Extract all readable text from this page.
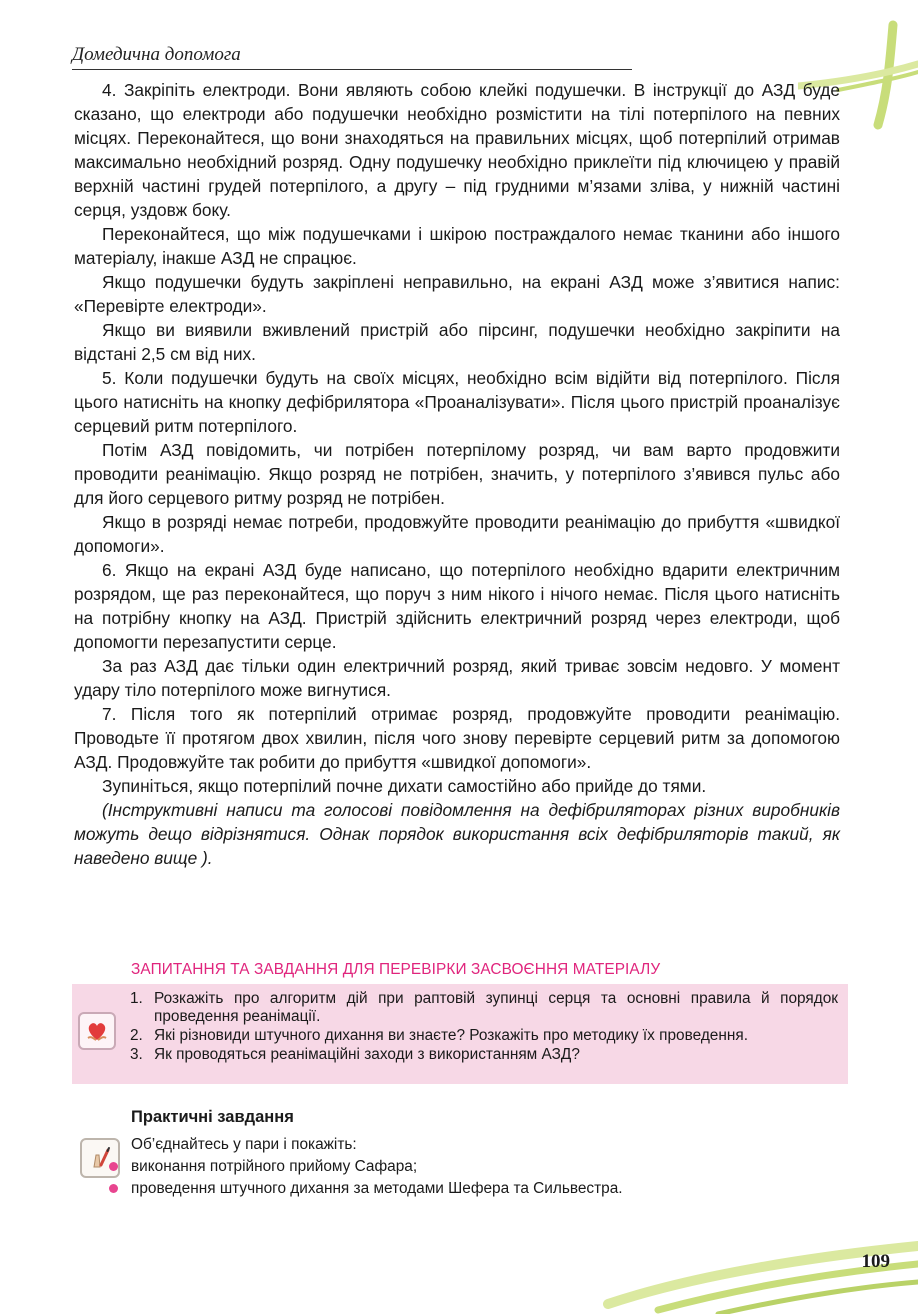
Домедична допомога

4. Закріпіть електроди. Вони являють собою клейкі подушечки. В інструкції до АЗД буде сказано, що електроди або подушечки необхідно розмістити на тілі потерпілого на певних місцях. Переконайтеся, що вони знаходяться на правильних місцях, щоб потерпілий отримав максимально необхідний розряд. Одну подушечку необхідно приклеїти під ключицею у правій верхній частині грудей потерпілого, а другу – під грудними м’язами зліва, у нижній частині серця, уздовж боку.

Переконайтеся, що між подушечками і шкірою постраждалого немає тканини або іншого матеріалу, інакше АЗД не спрацює.

Якщо подушечки будуть закріплені неправильно, на екрані АЗД може з’явитися напис: «Перевірте електроди».

Якщо ви виявили вживлений пристрій або пірсинг, подушечки необхідно закріпити на відстані 2,5 см від них.

5. Коли подушечки будуть на своїх місцях, необхідно всім відійти від потерпілого. Після цього натисніть на кнопку дефібрилятора «Проаналізувати». Після цього пристрій проаналізує серцевий ритм потерпілого.

Потім АЗД повідомить, чи потрібен потерпілому розряд, чи вам варто продовжити проводити реанімацію. Якщо розряд не потрібен, значить, у потерпілого з’явився пульс або для його серцевого ритму розряд не потрібен.

Якщо в розряді немає потреби, продовжуйте проводити реанімацію до прибуття «швидкої допомоги».

6. Якщо на екрані АЗД буде написано, що потерпілого необхідно вдарити електричним розрядом, ще раз переконайтеся, що поруч з ним нікого і нічого немає. Після цього натисніть на потрібну кнопку на АЗД. Пристрій здійснить електричний розряд через електроди, щоб допомогти перезапустити серце.

За раз АЗД дає тільки один електричний розряд, який триває зовсім недовго. У момент удару тіло потерпілого може вигнутися.

7. Після того як потерпілий отримає розряд, продовжуйте проводити реанімацію. Проводьте її протягом двох хвилин, після чого знову перевірте серцевий ритм за допомогою АЗД. Продовжуйте так робити до прибуття «швидкої допомоги».

Зупиніться, якщо потерпілий почне дихати самостійно або прийде до тями.

(Інструктивні написи та голосові повідомлення на дефібриляторах різних виробників можуть дещо відрізнятися. Однак порядок використання всіх дефібриляторів такий, як наведено вище ).

ЗАПИТАННЯ ТА ЗАВДАННЯ ДЛЯ ПЕРЕВІРКИ ЗАСВОЄННЯ МАТЕРІАЛУ
1. Розкажіть про алгоритм дій при раптовій зупинці серця та основні правила й порядок проведення реанімації.
2. Які різновиди штучного дихання ви знаєте? Розкажіть про методику їх проведення.
3. Як проводяться реанімаційні заходи з використанням АЗД?
Практичні завдання
Об’єднайтесь у пари і покажіть:
виконання потрійного прийому Сафара;
проведення штучного дихання за методами Шефера та Сильвестра.
109
